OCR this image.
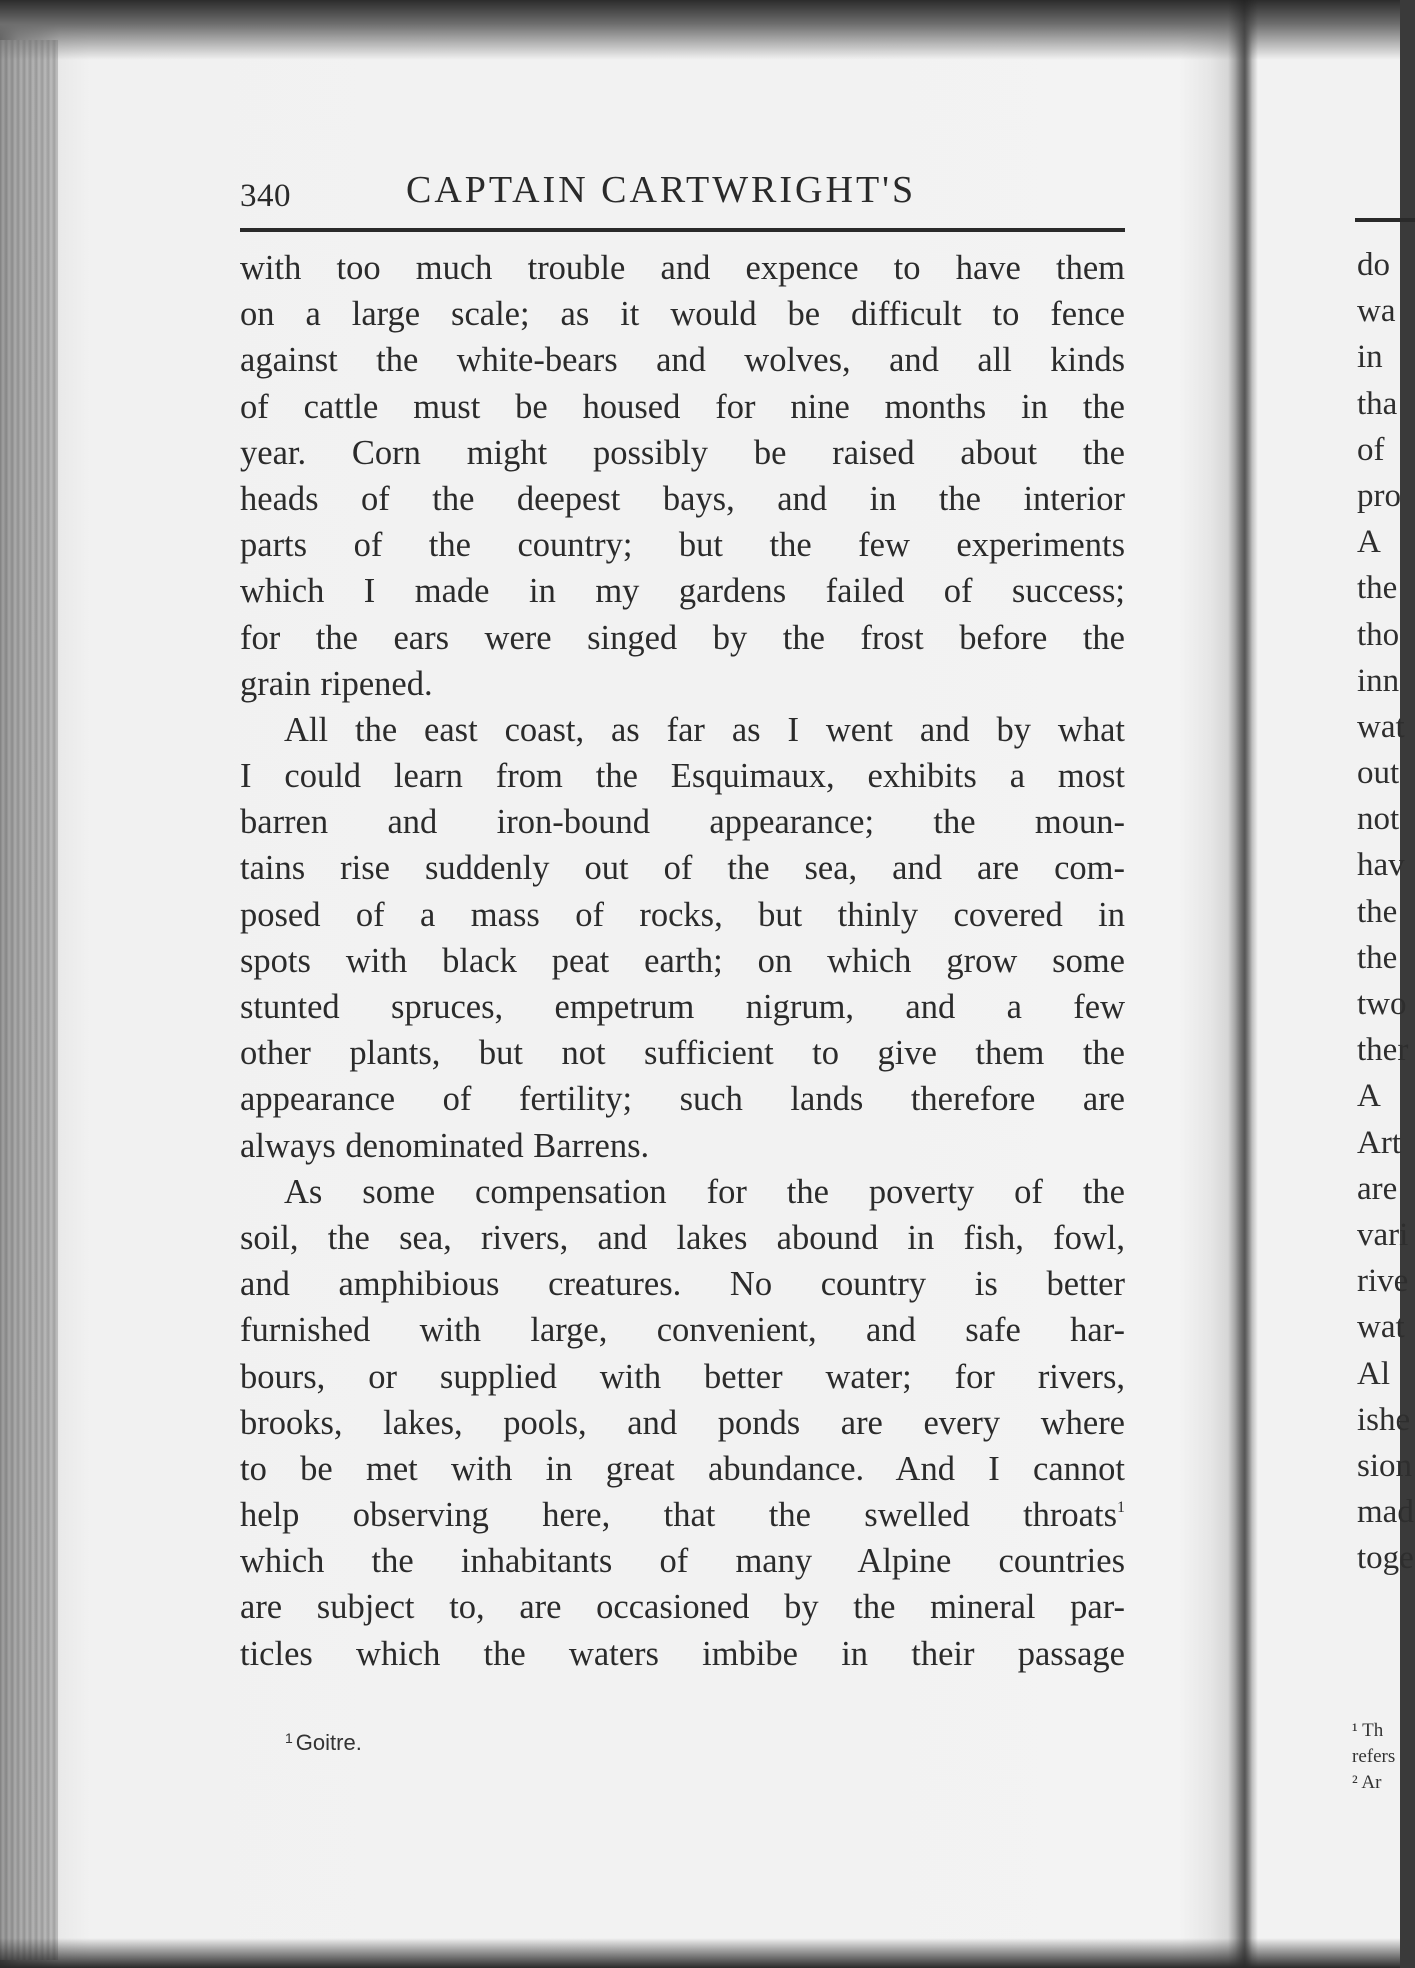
340	CAPTAIN CARTWRIGHT'S
with too much trouble and expence to have them
on a large scale; as it would be difficult to fence
against the white-bears and wolves, and all kinds
of cattle must be housed for nine months in the
year. Corn might possibly be raised about the
heads of the deepest bays, and in the interior
parts of the country; but the few experiments
which I made in my gardens failed of success;
for the ears were singed by the frost before the
grain ripened.
All the east coast, as far as I went and by what
I could learn from the Esquimaux, exhibits a most
barren and iron-bound appearance; the moun-
tains rise suddenly out of the sea, and are com-
posed of a mass of rocks, but thinly covered in
spots with black peat earth; on which grow some
stunted spruces, empetrum nigrum, and a few
other plants, but not sufficient to give them the
appearance of fertility; such lands therefore are
always denominated Barrens.
As some compensation for the poverty of the
soil, the sea, rivers, and lakes abound in fish, fowl,
and amphibious creatures. No country is better
furnished with large, convenient, and safe har-
bours, or supplied with better water; for rivers,
brooks, lakes, pools, and ponds are every where
to be met with in great abundance. And I cannot
help observing here, that the swelled throats$^1$
which the inhabitants of many Alpine countries
are subject to, are occasioned by the mineral par-
ticles which the waters imbibe in their passage
$^1$ Goitre.
do
wa
in
tha
of
pro
A
the
tho
inn
wat
out
not
hav
the
the
two
ther
A
Art
are
vari
rive
wat
Al
ishe
sion
mad
toge
¹ Th
refers
² Ar
